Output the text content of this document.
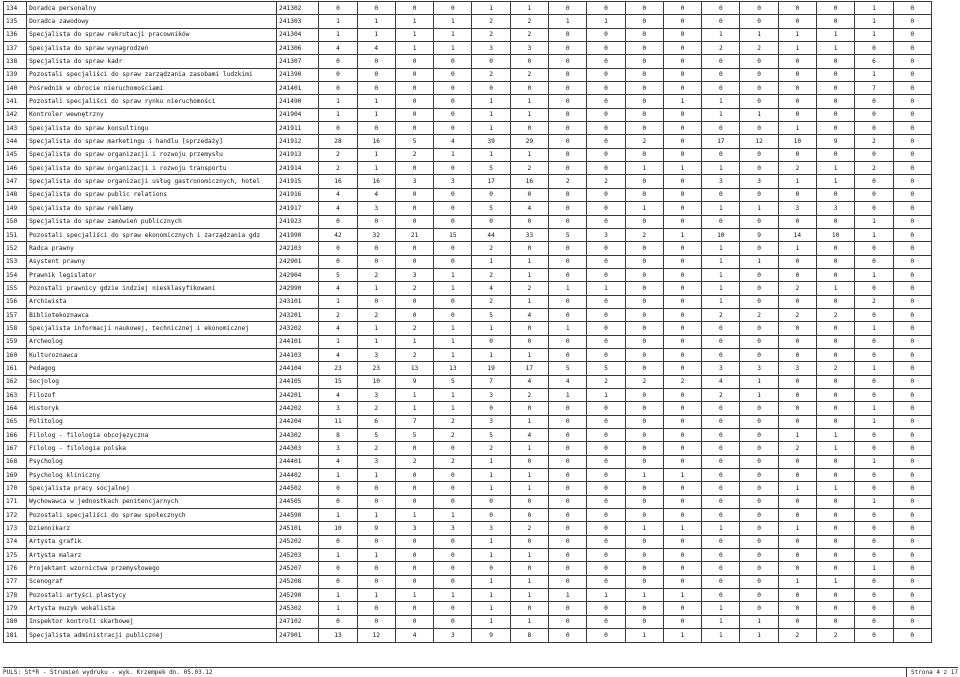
134	Doradca personalny	241302	0	0	0	0	1	1	0	0	0	0	0	0	0	0	1	0
135	Doradca zawodowy	241303	1	1	1	1	2	2	1	1	0	0	0	0	0	0	1	0
136	Specjalista do spraw rekrutacji pracowników	241304	1	1	1	1	2	2	0	0	0	0	1	1	1	1	1	0
137	Specjalista do spraw wynagrodzeń	241306	4	4	1	1	3	3	0	0	0	0	2	2	1	1	0	0
138	Specjalista do spraw kadr	241307	0	0	0	0	0	0	0	0	0	0	0	0	0	0	6	0
139	Pozostali specjaliści do spraw zarządzania zasobami ludzkimi	241390	0	0	0	0	2	2	0	0	0	0	0	0	0	0	1	0
140	Pośrednik w obrocie nieruchomościami	241401	0	0	0	0	0	0	0	0	0	0	0	0	0	0	7	0
141	Pozostali specjaliści do spraw rynku nieruchomości	241490	1	1	0	0	1	1	0	0	0	1	1	0	0	0	0	0
142	Kontroler wewnętrzny	241904	1	1	0	0	1	1	0	0	0	0	1	1	0	0	0	0
143	Specjalista do spraw konsultingu	241911	0	0	0	0	1	0	0	0	0	0	0	0	1	0	0	0
144	Specjalista do spraw marketingu i handlu [sprzedaży]	241912	28	16	5	4	39	29	0	0	2	0	17	12	10	9	2	0
145	Specjalista do spraw organizacji i rozwoju przemysłu	241913	2	1	2	1	1	1	0	0	0	0	0	0	0	0	0	0
146	Specjalista do spraw organizacji i rozwoju transportu	241914	2	1	0	0	5	2	0	0	1	1	1	0	2	1	2	0
147	Specjalista do spraw organizacji usług gastronomicznych, hotel	241915	16	16	3	3	17	16	2	2	0	0	3	3	1	1	0	0
148	Specjalista do spraw public relations	241916	4	4	0	0	0	0	0	0	0	0	0	0	0	0	0	0
149	Specjalista do spraw reklamy	241917	4	3	0	0	5	4	0	0	1	0	1	1	3	3	0	0
150	Specjalista do spraw zamówień publicznych	241923	0	0	0	0	0	0	0	0	0	0	0	0	0	0	1	0
151	Pozostali specjaliści do spraw ekonomicznych i zarządzania gdz	241990	42	32	21	15	44	33	5	3	2	1	10	9	14	10	1	0
152	Radca prawny	242103	0	0	0	0	2	0	0	0	0	0	1	0	1	0	0	0
153	Asystent prawny	242901	0	0	0	0	1	1	0	0	0	0	1	1	0	0	0	0
154	Prawnik legislator	242904	5	2	3	1	2	1	0	0	0	0	1	0	0	0	1	0
155	Pozostali prawnicy gdzie indziej niesklasyfikowani	242990	4	1	2	1	4	2	1	1	0	0	1	0	2	1	0	0
156	Archiwista	243101	1	0	0	0	2	1	0	0	0	0	1	0	0	0	2	0
157	Bibliotekoznawca	243201	2	2	0	0	5	4	0	0	0	0	2	2	2	2	0	0
158	Specjalista informacji naukowej, technicznej i ekonomicznej	243202	4	1	2	1	1	0	1	0	0	0	0	0	0	0	1	0
159	Archeolog	244101	1	1	1	1	0	0	0	0	0	0	0	0	0	0	0	0
160	Kulturoznawca	244103	4	3	2	1	1	1	0	0	0	0	0	0	0	0	0	0
161	Pedagog	244104	23	23	13	13	19	17	5	5	0	0	3	3	3	2	1	0
162	Socjolog	244105	15	10	9	5	7	4	4	2	2	2	4	1	0	0	0	0
163	Filozof	244201	4	3	1	1	3	2	1	1	0	0	2	1	0	0	0	0
164	Historyk	244202	3	2	1	1	0	0	0	0	0	0	0	0	0	0	1	0
165	Politolog	244204	11	6	7	2	3	1	0	0	0	0	0	0	0	0	1	0
166	Filolog - filologia obcojęzyczna	244302	8	5	5	2	5	4	0	0	0	0	0	0	1	1	0	0
167	Filolog - filologia polska	244303	3	2	0	0	2	1	0	0	0	0	0	0	2	1	0	0
168	Psycholog	244401	4	3	2	2	1	0	0	0	0	0	0	0	0	0	1	0
169	Psycholog kliniczny	244402	1	1	0	0	1	1	0	0	1	1	0	0	0	0	0	0
170	Specjalista pracy socjalnej	244502	0	0	0	0	1	1	0	0	0	0	0	0	1	1	0	0
171	Wychowawca w jednostkach penitencjarnych	244505	0	0	0	0	0	0	0	0	0	0	0	0	0	0	1	0
172	Pozostali specjaliści do spraw społecznych	244590	1	1	1	1	0	0	0	0	0	0	0	0	0	0	0	0
173	Dziennikarz	245101	10	9	3	3	3	2	0	0	1	1	1	0	1	0	0	0
174	Artysta grafik	245202	0	0	0	0	1	0	0	0	0	0	0	0	0	0	0	0
175	Artysta malarz	245203	1	1	0	0	1	1	0	0	0	0	0	0	0	0	0	0
176	Projektant wzornictwa przemysłowego	245207	0	0	0	0	0	0	0	0	0	0	0	0	0	0	1	0
177	Scenograf	245208	0	0	0	0	1	1	0	0	0	0	0	0	1	1	0	0
178	Pozostali artyści plastycy	245290	1	1	1	1	1	1	1	1	1	1	0	0	0	0	0	0
179	Artysta muzyk wokalista	245302	1	0	0	0	1	0	0	0	0	0	1	0	0	0	0	0
180	Inspektor kontroli skarbowej	247102	0	0	0	0	1	1	0	0	0	0	1	1	0	0	0	0
181	Specjalista administracji publicznej	247901	13	12	4	3	9	8	0	0	1	1	1	1	2	2	0	0
PULS: St*R - Strumień wydruku - wyk. Krzempek dn. 05.03.12	Strona 4 z 17
